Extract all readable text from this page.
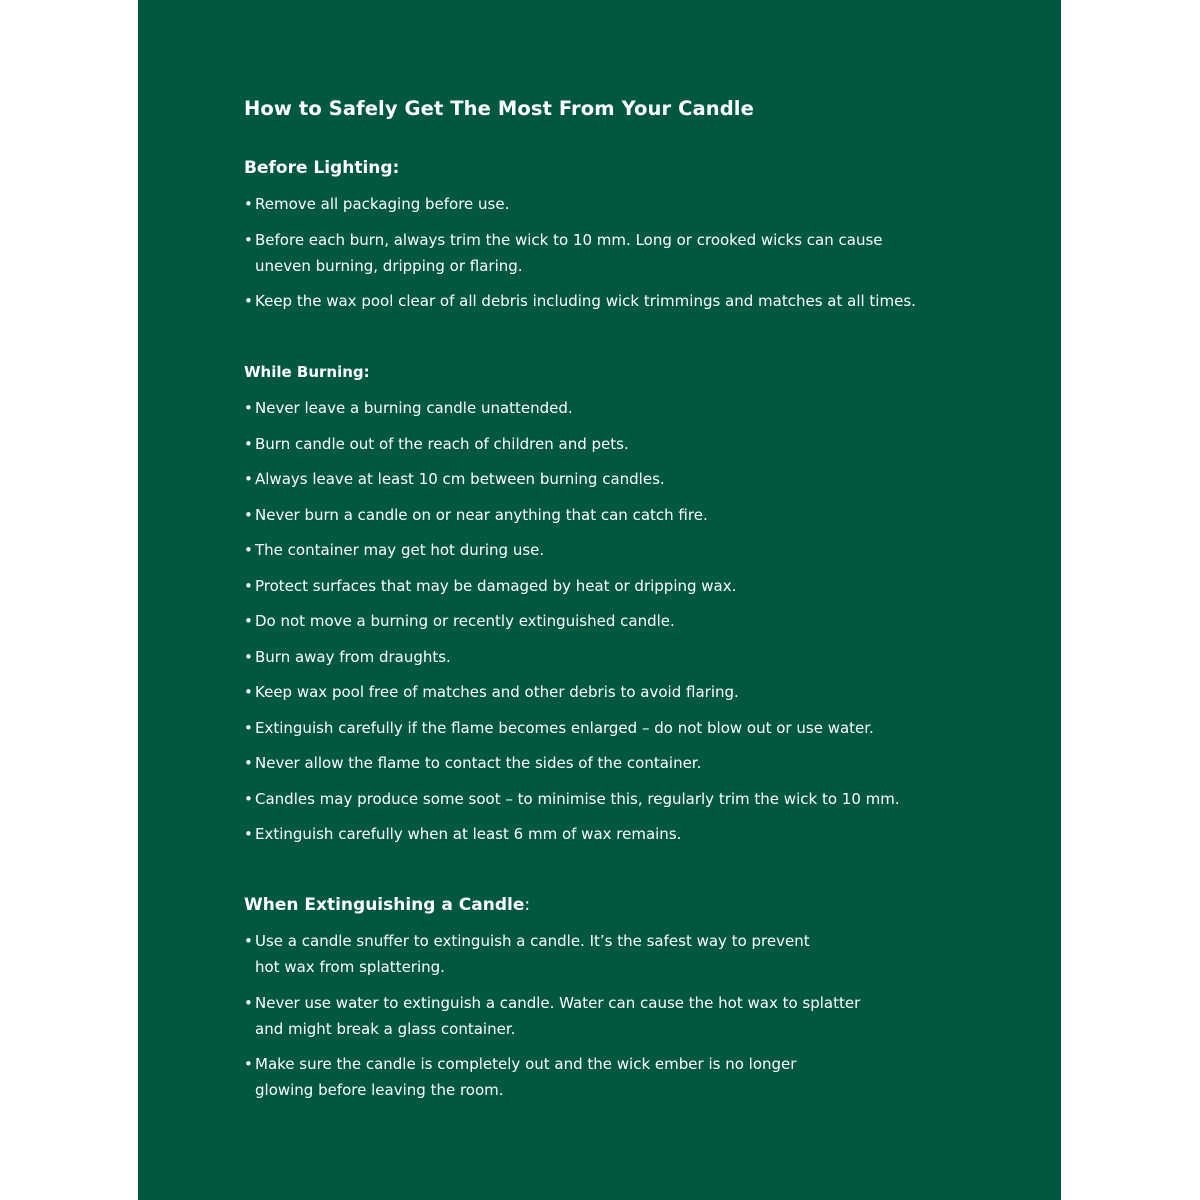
How to Safely Get The Most From Your Candle
Before Lighting:
• Remove all packaging before use.
• Before each burn, always trim the wick to 10 mm. Long or crooked wicks can cause
uneven burning, dripping or flaring.
• Keep the wax pool clear of all debris including wick trimmings and matches at all times.
While Burning:
• Never leave a burning candle unattended.
• Burn candle out of the reach of children and pets.
• Always leave at least 10 cm between burning candles.
• Never burn a candle on or near anything that can catch fire.
• The container may get hot during use.
• Protect surfaces that may be damaged by heat or dripping wax.
• Do not move a burning or recently extinguished candle.
• Burn away from draughts.
• Keep wax pool free of matches and other debris to avoid flaring.
• Extinguish carefully if the flame becomes enlarged – do not blow out or use water.
• Never allow the flame to contact the sides of the container.
• Candles may produce some soot – to minimise this, regularly trim the wick to 10 mm.
• Extinguish carefully when at least 6 mm of wax remains.
When Extinguishing a Candle:
• Use a candle snuffer to extinguish a candle. It’s the safest way to prevent
hot wax from splattering.
• Never use water to extinguish a candle. Water can cause the hot wax to splatter
and might break a glass container.
• Make sure the candle is completely out and the wick ember is no longer
glowing before leaving the room.
